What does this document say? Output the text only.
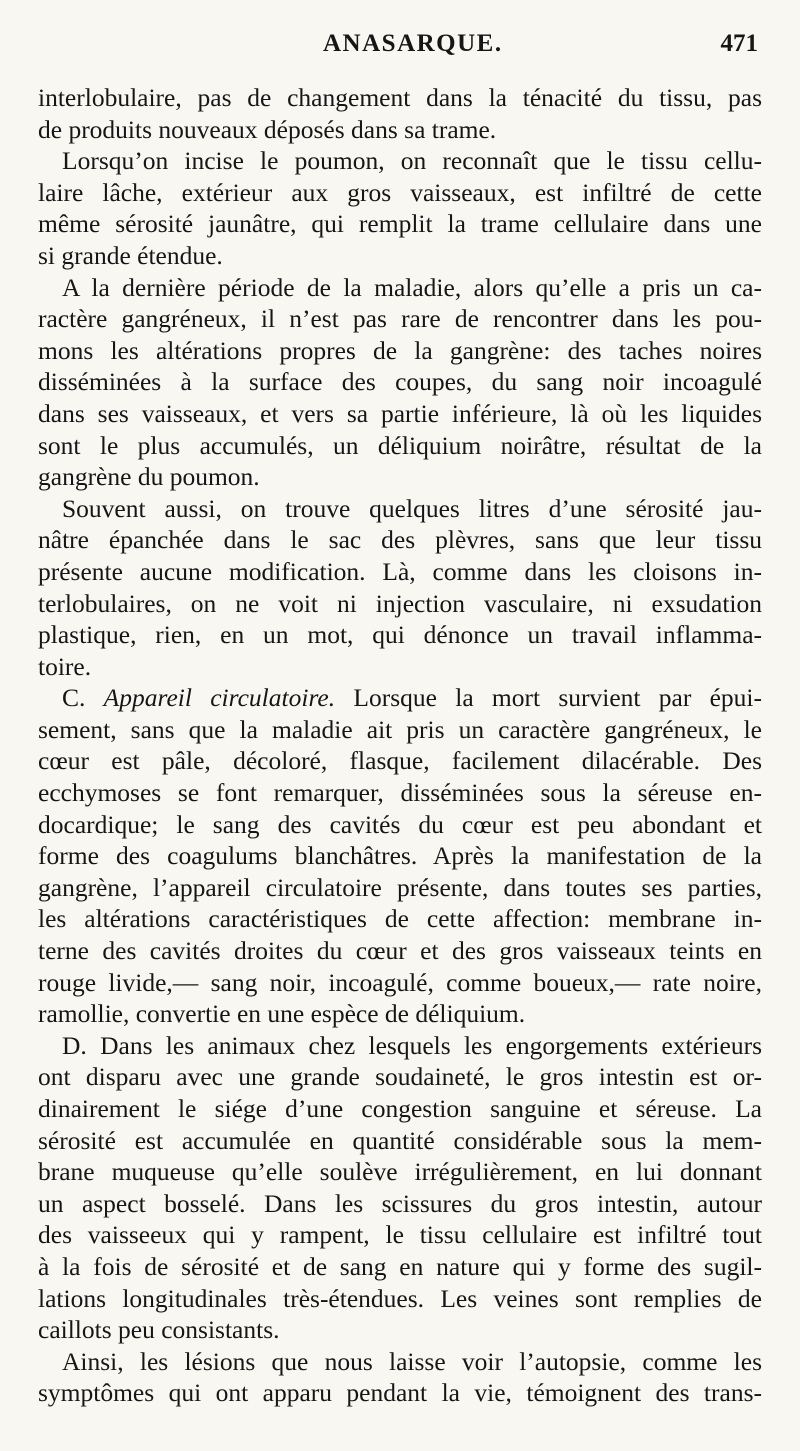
ANASARQUE.	471
interlobulaire, pas de changement dans la ténacité du tissu, pas
de produits nouveaux déposés dans sa trame.
Lorsqu’on incise le poumon, on reconnaît que le tissu cellu-
laire lâche, extérieur aux gros vaisseaux, est infiltré de cette
même sérosité jaunâtre, qui remplit la trame cellulaire dans une
si grande étendue.
A la dernière période de la maladie, alors qu’elle a pris un ca-
ractère gangréneux, il n’est pas rare de rencontrer dans les pou-
mons les altérations propres de la gangrène: des taches noires
disséminées à la surface des coupes, du sang noir incoagulé
dans ses vaisseaux, et vers sa partie inférieure, là où les liquides
sont le plus accumulés, un déliquium noirâtre, résultat de la
gangrène du poumon.
Souvent aussi, on trouve quelques litres d’une sérosité jau-
nâtre épanchée dans le sac des plèvres, sans que leur tissu
présente aucune modification. Là, comme dans les cloisons in-
terlobulaires, on ne voit ni injection vasculaire, ni exsudation
plastique, rien, en un mot, qui dénonce un travail inflamma-
toire.
C. Appareil circulatoire. Lorsque la mort survient par épui-
sement, sans que la maladie ait pris un caractère gangréneux, le
cœur est pâle, décoloré, flasque, facilement dilacérable. Des
ecchymoses se font remarquer, disséminées sous la séreuse en-
docardique; le sang des cavités du cœur est peu abondant et
forme des coagulums blanchâtres. Après la manifestation de la
gangrène, l’appareil circulatoire présente, dans toutes ses parties,
les altérations caractéristiques de cette affection: membrane in-
terne des cavités droites du cœur et des gros vaisseaux teints en
rouge livide,— sang noir, incoagulé, comme boueux,— rate noire,
ramollie, convertie en une espèce de déliquium.
D. Dans les animaux chez lesquels les engorgements extérieurs
ont disparu avec une grande soudaineté, le gros intestin est or-
dinairement le siége d’une congestion sanguine et séreuse. La
sérosité est accumulée en quantité considérable sous la mem-
brane muqueuse qu’elle soulève irrégulièrement, en lui donnant
un aspect bosselé. Dans les scissures du gros intestin, autour
des vaisseeux qui y rampent, le tissu cellulaire est infiltré tout
à la fois de sérosité et de sang en nature qui y forme des sugil-
lations longitudinales très-étendues. Les veines sont remplies de
caillots peu consistants.
Ainsi, les lésions que nous laisse voir l’autopsie, comme les
symptômes qui ont apparu pendant la vie, témoignent des trans-
